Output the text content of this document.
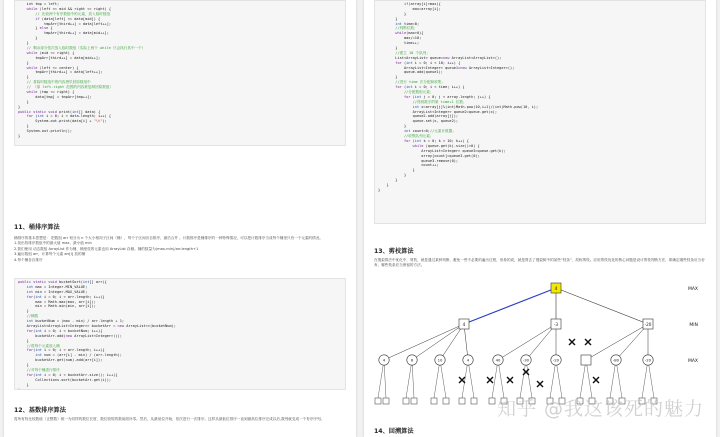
int tmp = left;
while (left <= mid && right <= right) {
// 比较两个有序数组中的元素，放入临时数组
if (data[left] <= data[mid]) {
tmpArr[third++] = data[left++];
} else {
tmpArr[third++] = data[mid++];
}
}
// 剩余部分依次放入临时数组（实际上两个 while 只会执行其中一个）
while (mid <= right) {
tmpArr[third++] = data[mid++];
}
while (left <= center) {
tmpArr[third++] = data[left++];
}
// 将临时数组中的内容拷贝回原数组中
// （原 left-right 范围的内容被复制回原数组）
while (tmp <= right) {
data[tmp] = tmpArr[tmp++];
}
}
public static void print(int[] data) {
for (int i = 0; i < data.length; i++) {
System.out.print(data[i] + "\t");
}
System.out.println();
}
11、桶排序算法
桶排序的基本思想是： 把数组 arr 划分为 n 个大小相同子区间（桶），每个子区间各自排序，最后合并 。计数排序是桶排序的一种特殊情况，可以把计数排序当成每个桶里只有一个元素的情况。
1.找出待排序数组中的最大值 max、最小值 min
2.我们使用 动态数组 ArrayList 作为桶，桶里放的元素也用 ArrayList 存储。桶的数量为(max-min)/arr.length+1
3.遍历数组 arr，计算每个元素 arr[i] 放的桶
4.每个桶各自排序
public static void bucketSort(int[] arr){
int max = Integer.MIN_VALUE;
int min = Integer.MAX_VALUE;
for(int i = 0; i < arr.length; i++){
max = Math.max(max, arr[i]);
min = Math.min(min, arr[i]);
}
//桶数
int bucketNum = (max - min) / arr.length + 1;
ArrayList<ArrayList<Integer>> bucketArr = new ArrayList<>(bucketNum);
for(int i = 0; i < bucketNum; i++){
bucketArr.add(new ArrayList<Integer>());
}
//将每个元素放入桶
for(int i = 0; i < arr.length; i++){
int num = (arr[i] - min) / (arr.length);
bucketArr.get(num).add(arr[i]);
}
//对每个桶进行排序
for(int i = 0; i < bucketArr.size(); i++){
Collections.sort(bucketArr.get(i));
}
}
12、基数排序算法
将所有待比较数值（正整数）统一为同样的数位长度，数位较短的数前面补零。然后，从最低位开始，依次进行一次排序。这样从最低位排序一直到最高位排序完成以后,数列就变成一个有序序列。
if(array[i]>max){
max=array[i];
}
}
int time=0;
//判断位数；
while(max>0){
max/=10;
time++;
}
//建立 10 个队列；
List<ArrayList> queue=new ArrayList<ArrayList>();
for (int i = 0; i < 10; i++) {
ArrayList<Integer> queue1=new ArrayList<Integer>();
queue.add(queue1);
}
//进行 time 次分配和收集；
for (int i = 0; i < time; i++) {
//分配数组元素；
for (int j = 0; j < array.length; j++) {
//得到数字的第 time+1 位数；
int x=array[j]%(int)Math.pow(10,i+1)/(int)Math.pow(10, i);
ArrayList<Integer> queue2=queue.get(x);
queue2.add(array[j]);
queue.set(x, queue2);
}
int count=0;//元素计数器；
//收集队列元素；
for (int k = 0; k < 10; k++) {
while (queue.get(k).size()>0) {
ArrayList<Integer> queue3=queue.get(k);
array[count]=queue3.get(0);
queue3.remove(0);
count++;
}
}
}
}
}
13、剪枝算法
在搜索算法中优化中，剪枝，就是通过某种判断，避免一些不必要的遍历过程，形象的说，就是剪去了搜索树中的某些“枝条”，故称剪枝。应用剪枝优化的核心问题是设计剪枝判断方法，即确定哪些枝条应当舍弃，哪些枝条应当保留的方法。
4
4	-3	-20
4	6	10	4	40	-30	-20	-80	-20
MAX
MIN
MAX
14、回溯算法
知乎 @我这该死的魅力
